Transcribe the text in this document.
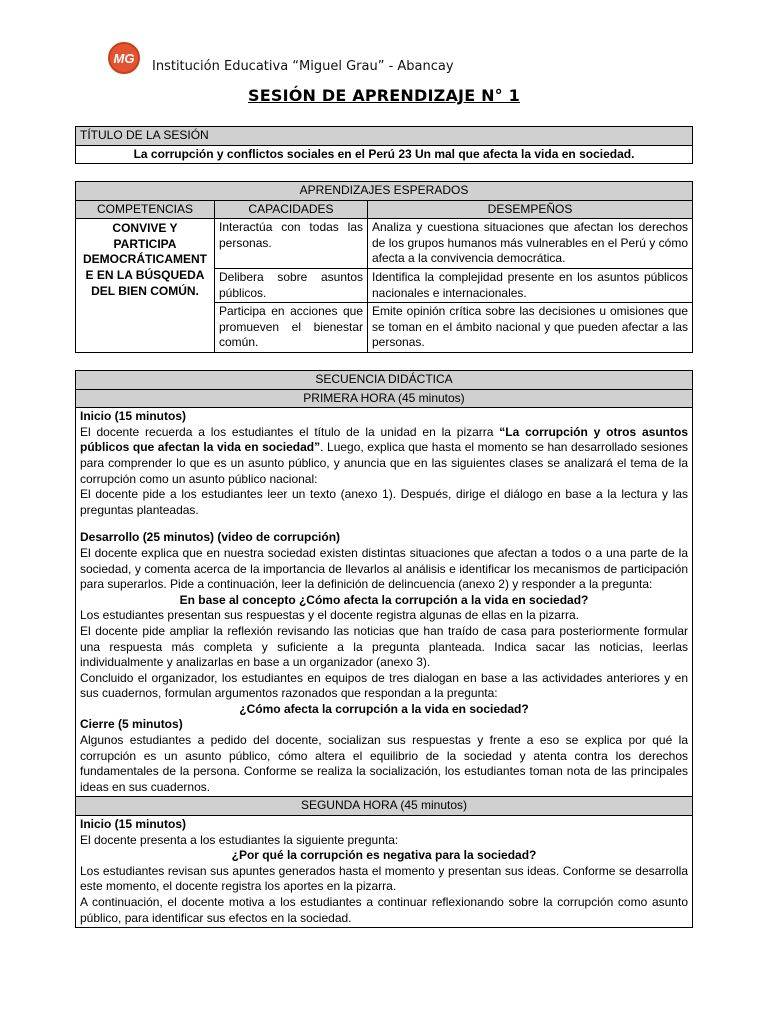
MG
Institución Educativa “Miguel Grau” - Abancay
SESIÓN DE APRENDIZAJE N° 1
TÍTULO DE LA SESIÓN
La corrupción y conflictos sociales en el Perú 23 Un mal que afecta la vida en sociedad.
APRENDIZAJES ESPERADOS		
COMPETENCIAS	CAPACIDADES	DESEMPEÑOS
CONVIVE Y PARTICIPA DEMOCRÁTICAMENT E EN LA BÚSQUEDA DEL BIEN COMÚN.	Interactúa con todas las personas.	Analiza y cuestiona situaciones que afectan los derechos de los grupos humanos más vulnerables en el Perú y cómo afecta a la convivencia democrática.
	Delibera sobre asuntos públicos.	Identifica la complejidad presente en los asuntos públicos nacionales e internacionales.
	Participa en acciones que promueven el bienestar común.	Emite opinión crítica sobre las decisiones u omisiones que se toman en el ámbito nacional y que pueden afectar a las personas.
SECUENCIA DIDÁCTICA
PRIMERA HORA (45 minutos)

Inicio (15 minutos)

El docente recuerda a los estudiantes el título de la unidad en la pizarra “La corrupción y otros asuntos públicos que afectan la vida en sociedad”. Luego, explica que hasta el momento se han desarrollado sesiones para comprender lo que es un asunto público, y anuncia que en las siguientes clases se analizará el tema de la corrupción como un asunto público nacional:

El docente pide a los estudiantes leer un texto (anexo 1). Después, dirige el diálogo en base a la lectura y las preguntas planteadas.

Desarrollo (25 minutos) (video de corrupción)

El docente explica que en nuestra sociedad existen distintas situaciones que afectan a todos o a una parte de la sociedad, y comenta acerca de la importancia de llevarlos al análisis e identificar los mecanismos de participación para superarlos. Pide a continuación, leer la definición de delincuencia (anexo 2) y responder a la pregunta:

En base al concepto ¿Cómo afecta la corrupción a la vida en sociedad?

Los estudiantes presentan sus respuestas y el docente registra algunas de ellas en la pizarra.

El docente pide ampliar la reflexión revisando las noticias que han traído de casa para posteriormente formular una respuesta más completa y suficiente a la pregunta planteada. Indica sacar las noticias, leerlas individualmente y analizarlas en base a un organizador (anexo 3).

Concluido el organizador, los estudiantes en equipos de tres dialogan en base a las actividades anteriores y en sus cuadernos, formulan argumentos razonados que respondan a la pregunta:

¿Cómo afecta la corrupción a la vida en sociedad?

Cierre (5 minutos)

Algunos estudiantes a pedido del docente, socializan sus respuestas y frente a eso se explica por qué la corrupción es un asunto público, cómo altera el equilibrio de la sociedad y atenta contra los derechos fundamentales de la persona. Conforme se realiza la socialización, los estudiantes toman nota de las principales ideas en sus cuadernos.

SEGUNDA HORA (45 minutos)

Inicio (15 minutos)

El docente presenta a los estudiantes la siguiente pregunta:

¿Por qué la corrupción es negativa para la sociedad?

Los estudiantes revisan sus apuntes generados hasta el momento y presentan sus ideas. Conforme se desarrolla este momento, el docente registra los aportes en la pizarra.

A continuación, el docente motiva a los estudiantes a continuar reflexionando sobre la corrupción como asunto público, para identificar sus efectos en la sociedad.
